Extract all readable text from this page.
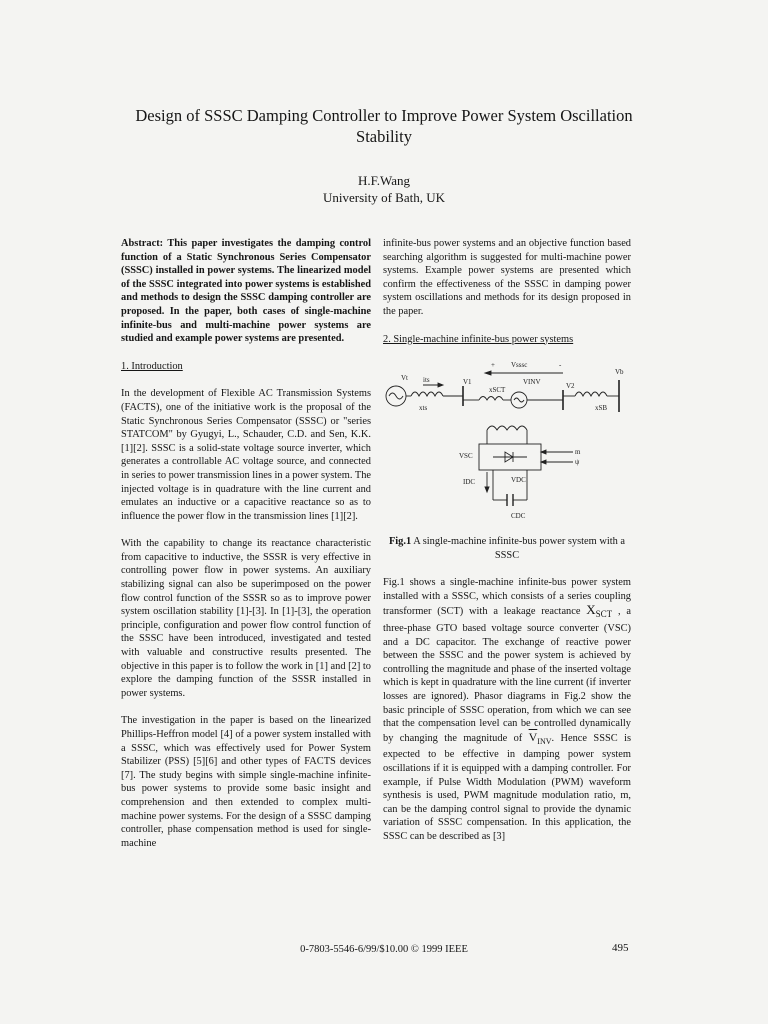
Design of SSSC Damping Controller to Improve Power System Oscillation Stability
H.F.Wang
University of Bath, UK

Abstract: This paper investigates the damping control function of a Static Synchronous Series Compensator (SSSC) installed in power systems. The linearized model of the SSSC integrated into power systems is established and methods to design the SSSC damping controller are proposed. In the paper, both cases of single-machine infinite-bus and multi-machine power systems are studied and example power systems are presented.

1. Introduction

In the development of Flexible AC Transmission Systems (FACTS), one of the initiative work is the proposal of the Static Synchronous Series Compensator (SSSC) or "series STATCOM" by Gyugyi, L., Schauder, C.D. and Sen, K.K. [1][2]. SSSC is a solid-state voltage source inverter, which generates a controllable AC voltage source, and connected in series to power transmission lines in a power system. The injected voltage is in quadrature with the line current and emulates an inductive or a capacitive reactance so as to influence the power flow in the transmission lines [1][2].

With the capability to change its reactance characteristic from capacitive to inductive, the SSSR is very effective in controlling power flow in power systems. An auxiliary stabilizing signal can also be superimposed on the power flow control function of the SSSR so as to improve power system oscillation stability [1]-[3]. In [1]-[3], the operation principle, configuration and power flow control function of the SSSC have been introduced, investigated and tested with valuable and constructive results presented. The objective in this paper is to follow the work in [1] and [2] to explore the damping function of the SSSR installed in power systems.

The investigation in the paper is based on the linearized Phillips-Heffron model [4] of a power system installed with a SSSC, which was effectively used for Power System Stabilizer (PSS) [5][6] and other types of FACTS devices [7]. The study begins with simple single-machine infinite-bus power systems to provide some basic insight and comprehension and then extended to complex multi-machine power systems. For the design of a SSSC damping controller, phase compensation method is used for single-machine

infinite-bus power systems and an objective function based searching algorithm is suggested for multi-machine power systems. Example power systems are presented which confirm the effectiveness of the SSSC in damping power system oscillations and methods for its design proposed in the paper.

2. Single-machine infinite-bus power systems

+ Vsssc	-
Vt its
xts
V1
xSCT
VINV	V2
Vb
xSB
VSC	m
ψ
IDC	VDC
CDC

Fig.1 A single-machine infinite-bus power system with a SSSC

Fig.1 shows a single-machine infinite-bus power system installed with a SSSC, which consists of a series coupling transformer (SCT) with a leakage reactance $X_{SCT}$ , a three-phase GTO based voltage source converter (VSC) and a DC capacitor. The exchange of reactive power between the SSSC and the power system is achieved by controlling the magnitude and phase of the inserted voltage which is kept in quadrature with the line current (if inverter losses are ignored). Phasor diagrams in Fig.2 show the basic principle of SSSC operation, from which we can see that the compensation level can be controlled dynamically by changing the magnitude of $\overline{V}_{INV}$. Hence SSSC is expected to be effective in damping power system oscillations if it is equipped with a damping controller. For example, if Pulse Width Modulation (PWM) waveform synthesis is used, PWM magnitude modulation ratio, m, can be the damping control signal to provide the dynamic variation of SSSC compensation. In this application, the SSSC can be described as [3]

0-7803-5546-6/99/$10.00 © 1999 IEEE	495
